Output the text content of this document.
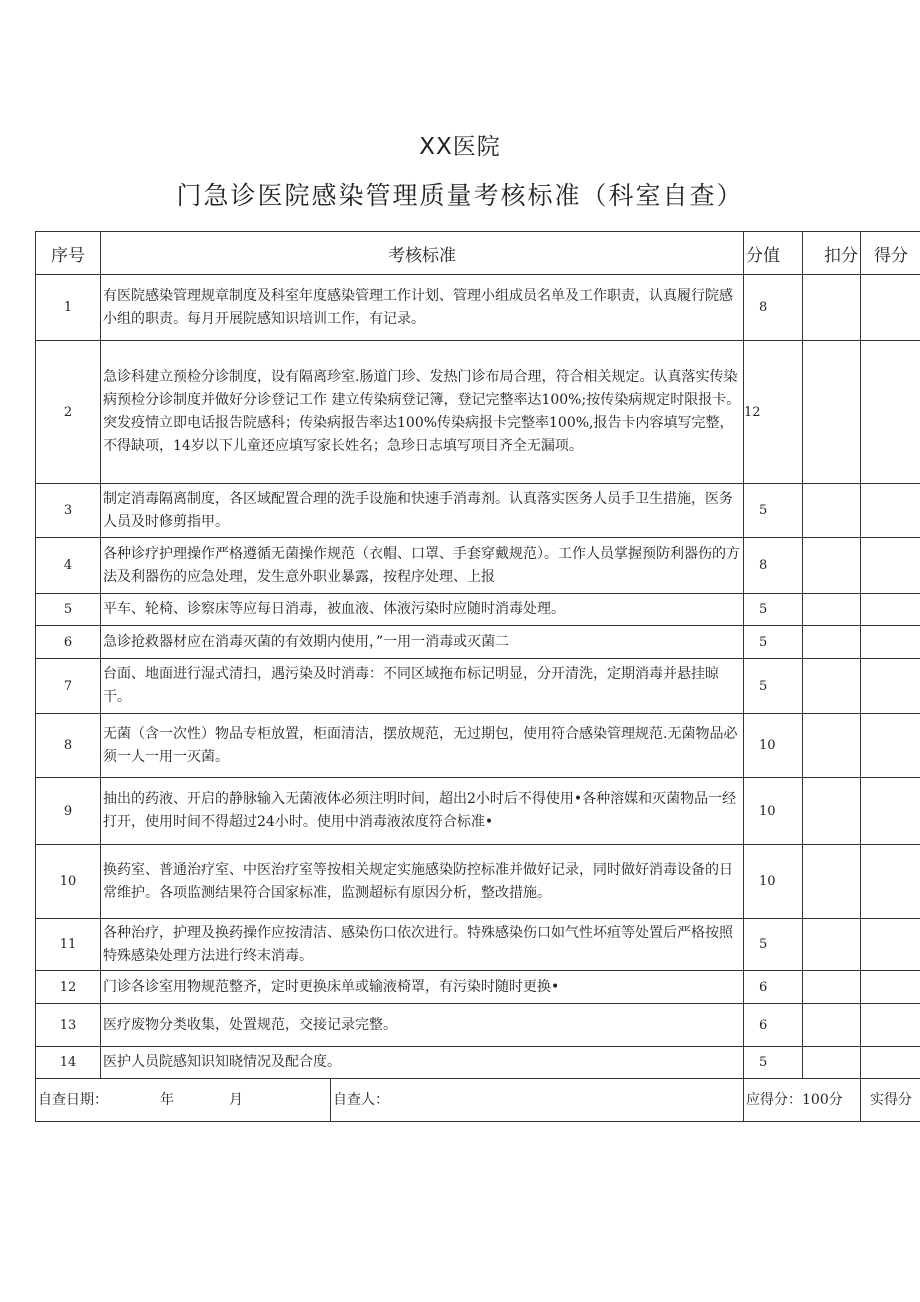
XX医院
门急诊医院感染管理质量考核标准（科室自查）
序号	考核标准		分值	扣分	得分
1	有医院感染管理规章制度及科室年度感染管理工作计划、管理小组成员名单及工作职责，认真履行院感小组的职责。每月开展院感知识培训工作，有记录。		8		
2	急诊科建立预检分诊制度，设有隔离珍室.肠道门珍、发热门诊布局合理，符合相关规定。认真落实传染病预检分诊制度并做好分诊登记工作 建立传染病登记簿，登记完整率达100%;按传染病规定时限报卡。突发疫情立即电话报告院感科；传染病报告率达100%传染病报卡完整率100%,报告卡内容填写完整，不得缺项，14岁以下儿童还应填写家长姓名；急珍日志填写项目齐全无漏项。		12		
3	制定消毒隔离制度，各区域配置合理的洗手设施和快速手消毒剂。认真落实医务人员手卫生措施，医务人员及时修剪指甲。		5		
4	各种诊疗护理操作严格遵循无菌操作规范（衣帽、口罩、手套穿戴规范）。工作人员掌握预防利器伤的方法及利器伤的应急处理，发生意外职业暴露，按程序处理、上报		8		
5	平车、轮椅、诊察床等应每日消毒，被血液、体液污染时应随时消毒处理。		5		
6	急诊抢救器材应在消毒灭菌的有效期内使用，”一用一消毒或灭菌二		5		
7	台面、地面进行湿式清扫，遇污染及时消毒：不同区域拖布标记明显，分开清洗，定期消毒并悬挂晾干。		5		
8	无菌（含一次性）物品专柜放置，柜面清洁，摆放规范，无过期包，使用符合感染管理规范.无菌物品必须一人一用一灭菌。		10		
9	抽出的药液、开启的静脉输入无菌液体必须注明时间，超出2小时后不得使用•各种溶媒和灭菌物品一经打开，使用时间不得超过24小时。使用中消毒液浓度符合标准•		10		
10	换药室、普通治疗室、中医治疗室等按相关规定实施感染防控标准并做好记录，同时做好消毒设备的日常维护。各项监测结果符合国家标准，监测超标有原因分析，整改措施。		10		
11	各种治疗，护理及换药操作应按清洁、感染伤口依次进行。特殊感染伤口如气性坏疽等处置后严格按照特殊感染处理方法进行终末消毒。		5		
12	门诊各诊室用物规范整齐，定时更换床单或输液椅罩，有污染时随时更换•		6		
13	医疗废物分类收集，处置规范，交接记录完整。		6		
14	医护人员院感知识知晓情况及配合度。		5		
自查日期： 年 月		自查人：	应得分：100分		实得分
